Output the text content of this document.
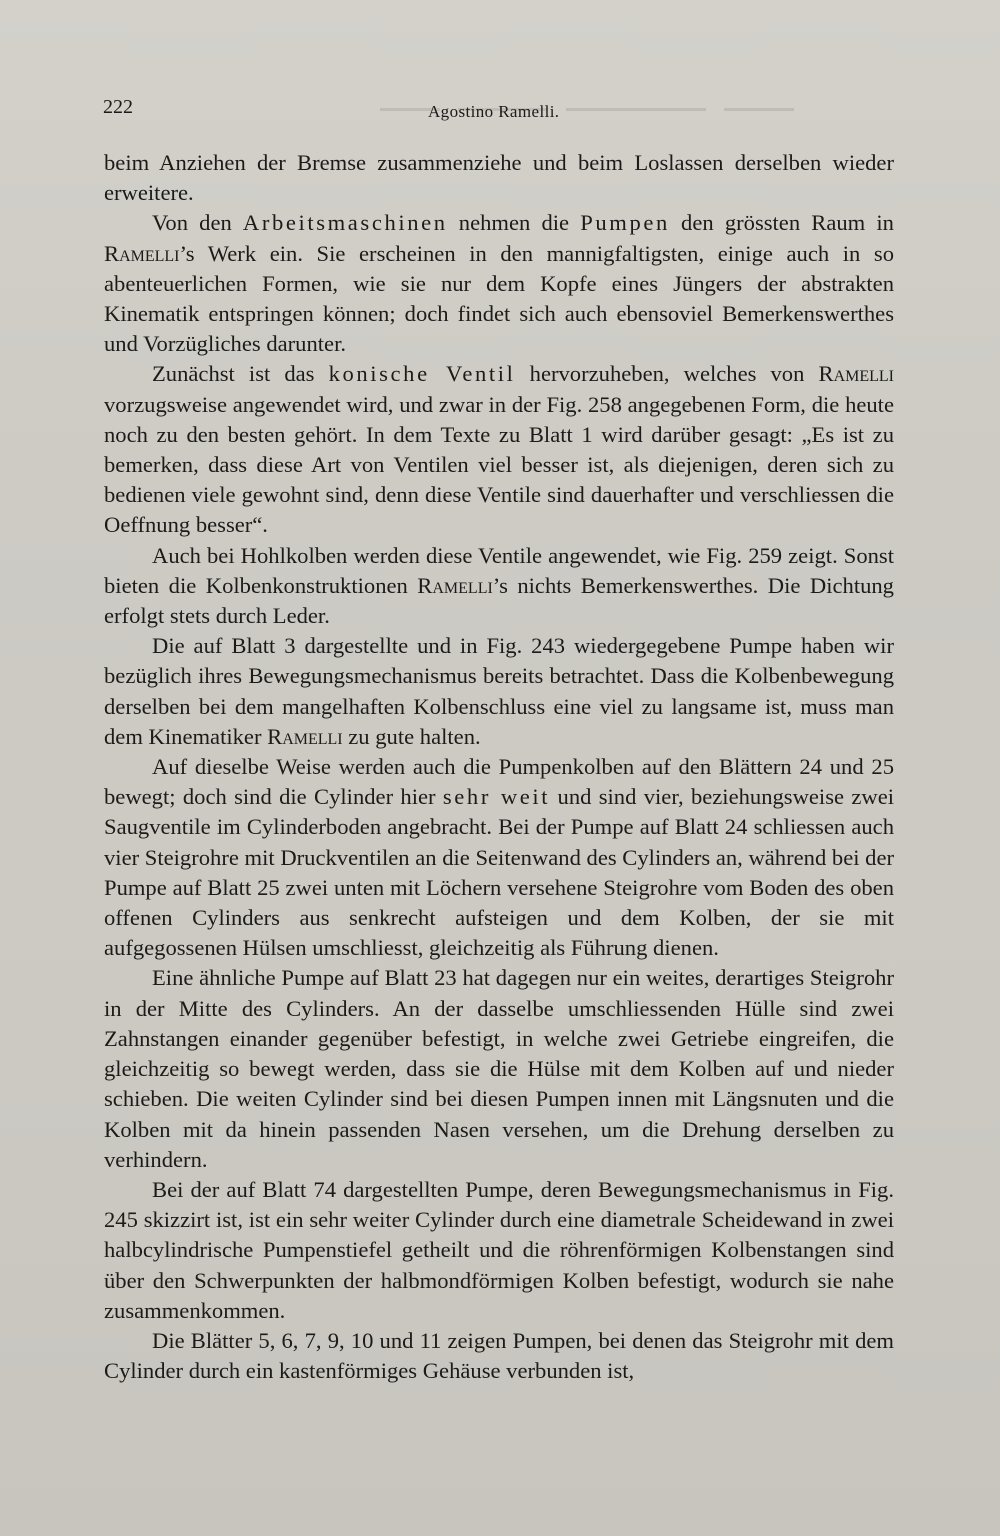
222	Agostino Ramelli.

beim Anziehen der Bremse zusammenziehe und beim Loslassen derselben wieder erweitere.

Von den Arbeitsmaschinen nehmen die Pumpen den grössten Raum in Ramelli’s Werk ein. Sie erscheinen in den mannigfaltigsten, einige auch in so abenteuerlichen Formen, wie sie nur dem Kopfe eines Jüngers der abstrakten Kinematik entspringen können; doch findet sich auch ebensoviel Bemerkenswerthes und Vorzügliches darunter.

Zunächst ist das konische Ventil hervorzuheben, welches von Ramelli vorzugsweise angewendet wird, und zwar in der Fig. 258 angegebenen Form, die heute noch zu den besten gehört. In dem Texte zu Blatt 1 wird darüber gesagt: „Es ist zu bemerken, dass diese Art von Ventilen viel besser ist, als diejenigen, deren sich zu bedienen viele gewohnt sind, denn diese Ventile sind dauerhafter und verschliessen die Oeffnung besser“.

Auch bei Hohlkolben werden diese Ventile angewendet, wie Fig. 259 zeigt. Sonst bieten die Kolbenkonstruktionen Ramelli’s nichts Bemerkenswerthes. Die Dichtung erfolgt stets durch Leder.

Die auf Blatt 3 dargestellte und in Fig. 243 wiedergegebene Pumpe haben wir bezüglich ihres Bewegungsmechanismus bereits betrachtet. Dass die Kolbenbewegung derselben bei dem mangelhaften Kolbenschluss eine viel zu langsame ist, muss man dem Kinematiker Ramelli zu gute halten.

Auf dieselbe Weise werden auch die Pumpenkolben auf den Blättern 24 und 25 bewegt; doch sind die Cylinder hier sehr weit und sind vier, beziehungsweise zwei Saugventile im Cylinderboden angebracht. Bei der Pumpe auf Blatt 24 schliessen auch vier Steigrohre mit Druckventilen an die Seitenwand des Cylinders an, während bei der Pumpe auf Blatt 25 zwei unten mit Löchern versehene Steigrohre vom Boden des oben offenen Cylinders aus senkrecht aufsteigen und dem Kolben, der sie mit aufgegossenen Hülsen umschliesst, gleichzeitig als Führung dienen.

Eine ähnliche Pumpe auf Blatt 23 hat dagegen nur ein weites, derartiges Steigrohr in der Mitte des Cylinders. An der dasselbe umschliessenden Hülle sind zwei Zahnstangen einander gegenüber befestigt, in welche zwei Getriebe eingreifen, die gleichzeitig so bewegt werden, dass sie die Hülse mit dem Kolben auf und nieder schieben. Die weiten Cylinder sind bei diesen Pumpen innen mit Längsnuten und die Kolben mit da hinein passenden Nasen versehen, um die Drehung derselben zu verhindern.

Bei der auf Blatt 74 dargestellten Pumpe, deren Bewegungsmechanismus in Fig. 245 skizzirt ist, ist ein sehr weiter Cylinder durch eine diametrale Scheidewand in zwei halbcylindrische Pumpenstiefel getheilt und die röhrenförmigen Kolbenstangen sind über den Schwerpunkten der halbmondförmigen Kolben befestigt, wodurch sie nahe zusammenkommen.

Die Blätter 5, 6, 7, 9, 10 und 11 zeigen Pumpen, bei denen das Steigrohr mit dem Cylinder durch ein kastenförmiges Gehäuse verbunden ist,
